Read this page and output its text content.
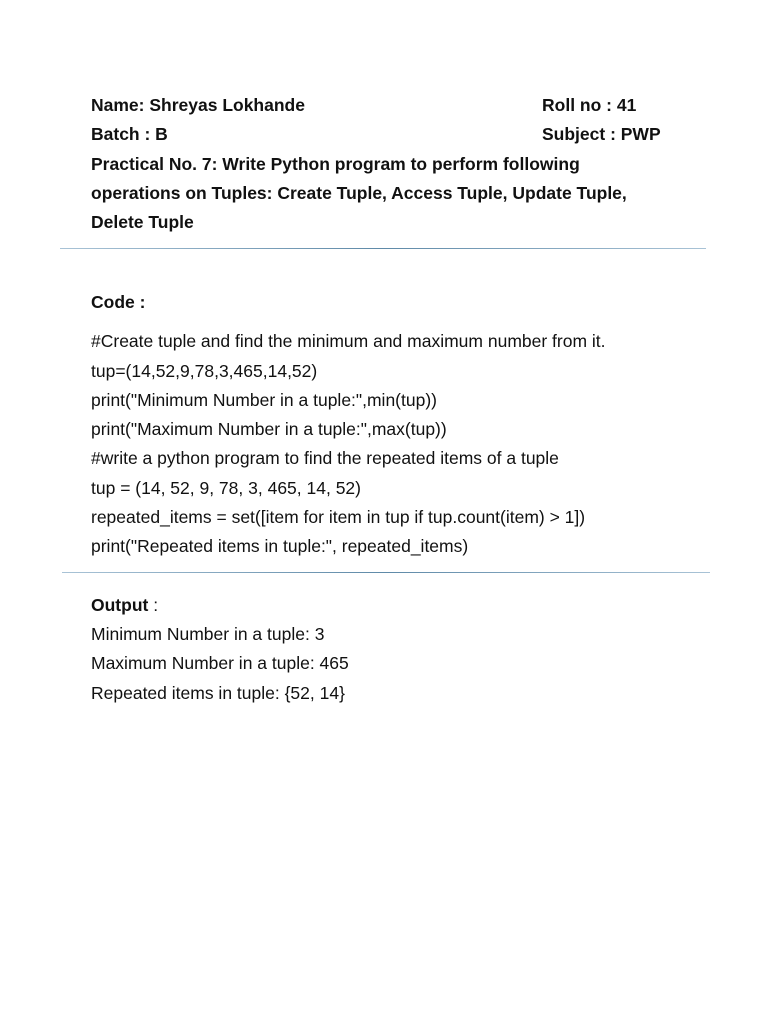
Name: Shreyas Lokhande	Roll no : 41
Batch : B	Subject : PWP
Practical No. 7: Write Python program to perform following
operations on Tuples: Create Tuple, Access Tuple, Update Tuple,
Delete Tuple
Code :
#Create tuple and find the minimum and maximum number from it.
tup=(14,52,9,78,3,465,14,52)
print("Minimum Number in a tuple:",min(tup))
print("Maximum Number in a tuple:",max(tup))
#write a python program to find the repeated items of a tuple
tup = (14, 52, 9, 78, 3, 465, 14, 52)
repeated_items = set([item for item in tup if tup.count(item) > 1])
print("Repeated items in tuple:", repeated_items)
Output :
Minimum Number in a tuple: 3
Maximum Number in a tuple: 465
Repeated items in tuple: {52, 14}
